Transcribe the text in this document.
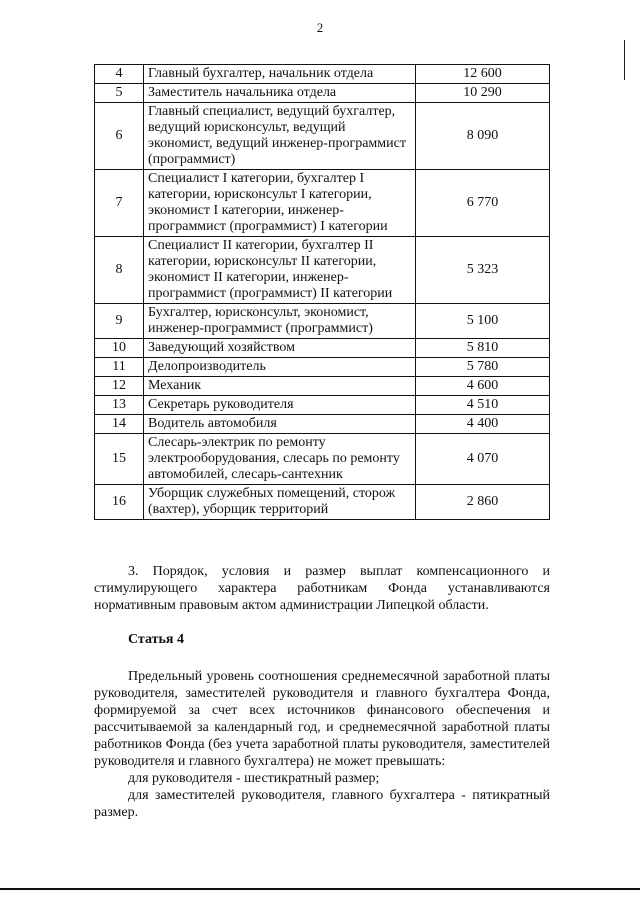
2
4	Главный бухгалтер, начальник отдела	12 600
5	Заместитель начальника отдела	10 290
6	Главный специалист, ведущий бухгалтер, ведущий юрисконсульт, ведущий экономист, ведущий инженер-программист (программист)	8 090
7	Специалист I категории, бухгалтер I категории, юрисконсульт I категории, экономист I категории, инженер-программист (программист) I категории	6 770
8	Специалист II категории, бухгалтер II категории, юрисконсульт II категории, экономист II категории, инженер-программист (программист) II категории	5 323
9	Бухгалтер, юрисконсульт, экономист, инженер-программист (программист)	5 100
10	Заведующий хозяйством	5 810
11	Делопроизводитель	5 780
12	Механик	4 600
13	Секретарь руководителя	4 510
14	Водитель автомобиля	4 400
15	Слесарь-электрик по ремонту электрооборудования, слесарь по ремонту автомобилей, слесарь-сантехник	4 070
16	Уборщик служебных помещений, сторож (вахтер), уборщик территорий	2 860

3. Порядок, условия и размер выплат компенсационного и стимулирующего характера работникам Фонда устанавливаются нормативным правовым актом администрации Липецкой области.

Статья 4

Предельный уровень соотношения среднемесячной заработной платы руководителя, заместителей руководителя и главного бухгалтера Фонда, формируемой за счет всех источников финансового обеспечения и рассчитываемой за календарный год, и среднемесячной заработной платы работников Фонда (без учета заработной платы руководителя, заместителей руководителя и главного бухгалтера) не может превышать:

для руководителя - шестикратный размер;

для заместителей руководителя, главного бухгалтера - пятикратный размер.
